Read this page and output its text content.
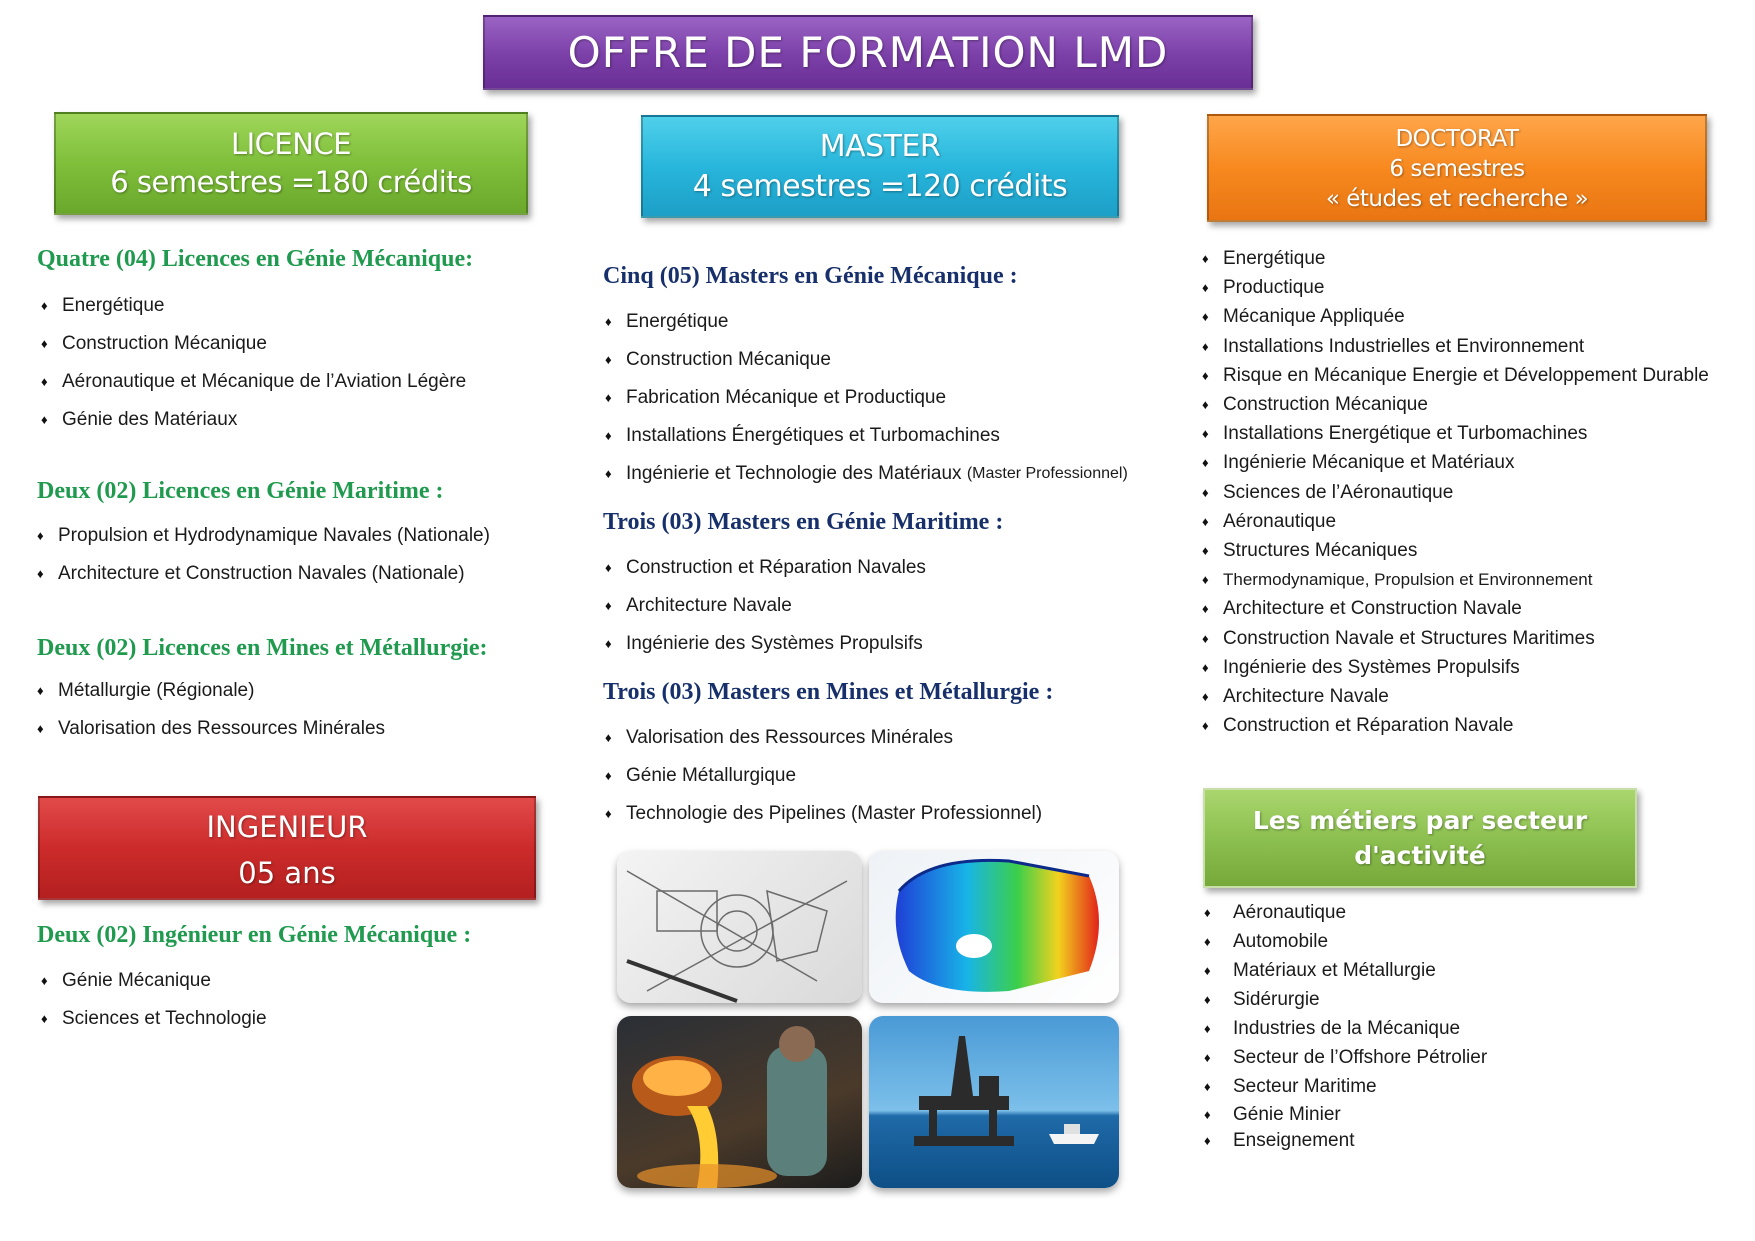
OFFRE DE FORMATION LMD
LICENCE
6 semestres =180 crédits
MASTER
4 semestres =120 crédits
DOCTORAT
6 semestres
« études et recherche »
INGENIEUR
05 ans
Les métiers par secteur
d'activité
Quatre (04) Licences en Génie Mécanique:
♦ Energétique
♦ Construction Mécanique
♦ Aéronautique et Mécanique de l’Aviation Légère
♦ Génie des Matériaux
Deux (02) Licences en Génie Maritime :
♦ Propulsion et Hydrodynamique Navales (Nationale)
♦ Architecture et Construction Navales (Nationale)
Deux (02) Licences en Mines et Métallurgie:
♦ Métallurgie (Régionale)
♦ Valorisation des Ressources Minérales
Deux (02) Ingénieur en Génie Mécanique :
♦ Génie Mécanique
♦ Sciences et Technologie
Cinq (05) Masters en Génie Mécanique :
♦ Energétique
♦ Construction Mécanique
♦ Fabrication Mécanique et Productique
♦ Installations Énergétiques et Turbomachines
♦ Ingénierie et Technologie des Matériaux
(Master Professionnel)
Trois (03) Masters en Génie Maritime :
♦ Construction et Réparation Navales
♦ Architecture Navale
♦ Ingénierie des Systèmes Propulsifs
Trois (03) Masters en Mines et Métallurgie :
♦ Valorisation des Ressources Minérales
♦ Génie Métallurgique
♦ Technologie des Pipelines (Master Professionnel)
♦ Energétique
♦ Productique
♦ Mécanique Appliquée
♦ Installations Industrielles et Environnement
♦ Risque en Mécanique Energie et Développement Durable
♦ Construction Mécanique
♦ Installations Energétique et Turbomachines
♦ Ingénierie Mécanique et Matériaux
♦ Sciences de l’Aéronautique
♦ Aéronautique
♦ Structures Mécaniques
♦ Thermodynamique, Propulsion et Environnement
♦ Architecture et Construction Navale
♦ Construction Navale et Structures Maritimes
♦ Ingénierie des Systèmes Propulsifs
♦ Architecture Navale
♦ Construction et Réparation Navale
♦	Aéronautique
♦	Automobile
♦	Matériaux et Métallurgie
♦	Sidérurgie
♦	Industries de la Mécanique
♦	Secteur de l’Offshore Pétrolier
♦	Secteur Maritime
♦	Génie Minier
♦	Enseignement
